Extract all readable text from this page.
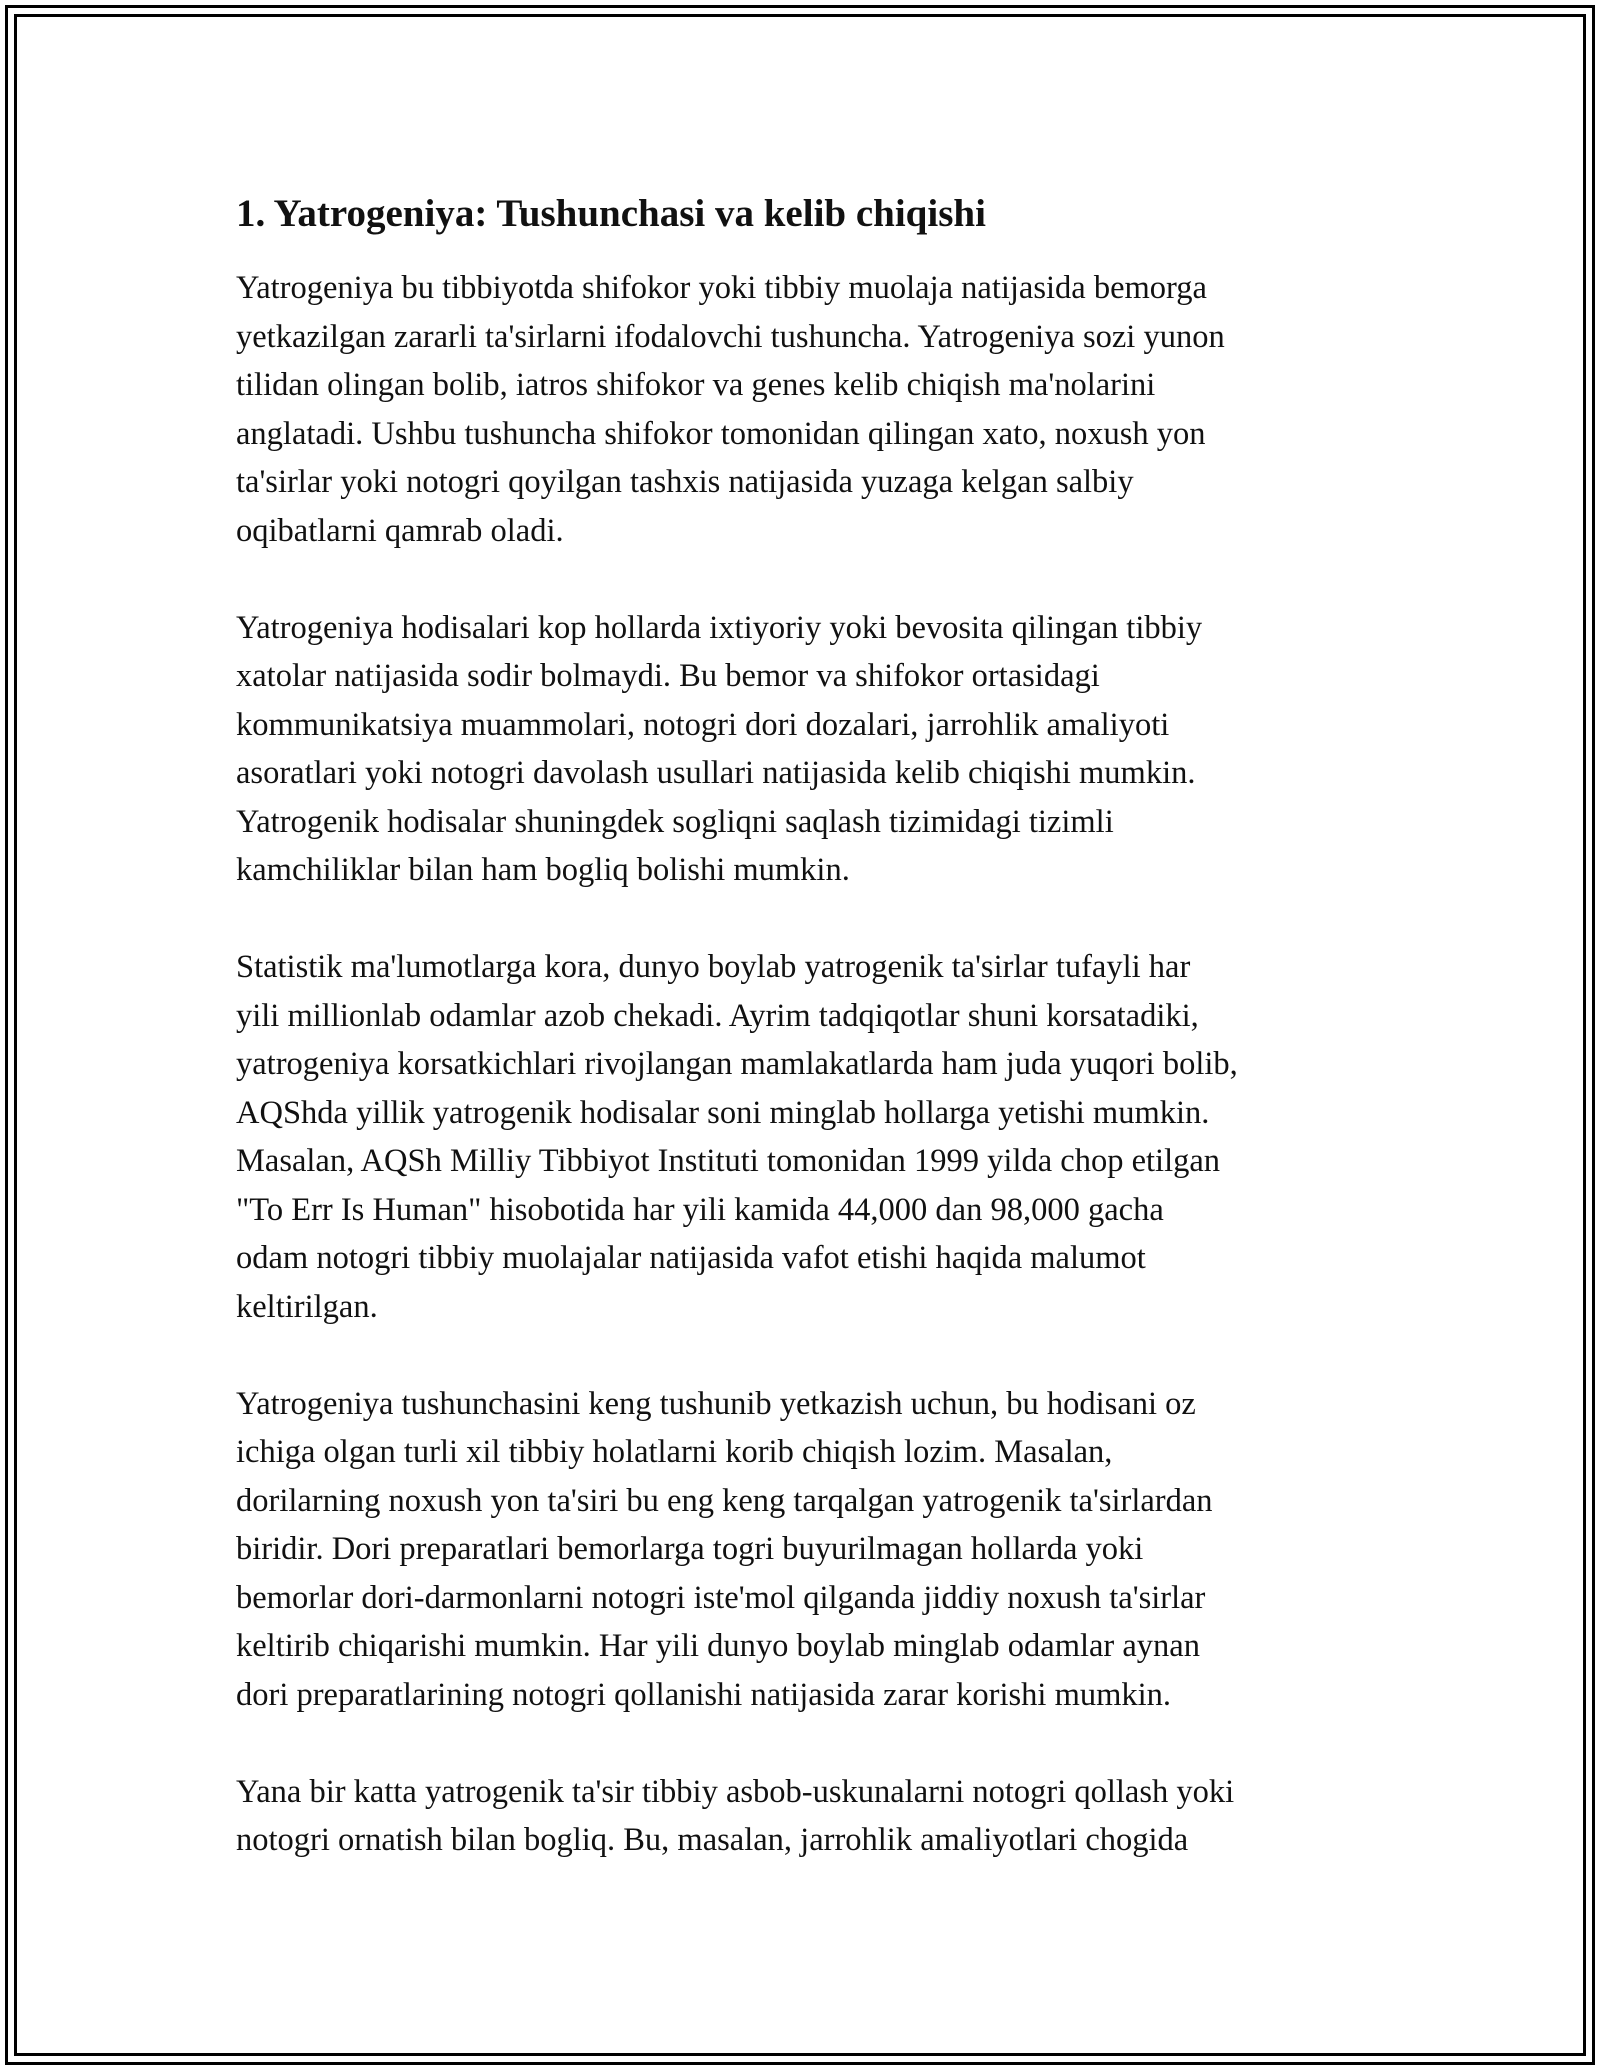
1. Yatrogeniya: Tushunchasi va kelib chiqishi

Yatrogeniya bu tibbiyotda shifokor yoki tibbiy muolaja natijasida bemorga
yetkazilgan zararli ta'sirlarni ifodalovchi tushuncha. Yatrogeniya sozi yunon
tilidan olingan bolib, iatros shifokor va genes kelib chiqish ma'nolarini
anglatadi. Ushbu tushuncha shifokor tomonidan qilingan xato, noxush yon
ta'sirlar yoki notogri qoyilgan tashxis natijasida yuzaga kelgan salbiy
oqibatlarni qamrab oladi.

Yatrogeniya hodisalari kop hollarda ixtiyoriy yoki bevosita qilingan tibbiy
xatolar natijasida sodir bolmaydi. Bu bemor va shifokor ortasidagi
kommunikatsiya muammolari, notogri dori dozalari, jarrohlik amaliyoti
asoratlari yoki notogri davolash usullari natijasida kelib chiqishi mumkin.
Yatrogenik hodisalar shuningdek sogliqni saqlash tizimidagi tizimli
kamchiliklar bilan ham bogliq bolishi mumkin.

Statistik ma'lumotlarga kora, dunyo boylab yatrogenik ta'sirlar tufayli har
yili millionlab odamlar azob chekadi. Ayrim tadqiqotlar shuni korsatadiki,
yatrogeniya korsatkichlari rivojlangan mamlakatlarda ham juda yuqori bolib,
AQShda yillik yatrogenik hodisalar soni minglab hollarga yetishi mumkin.
Masalan, AQSh Milliy Tibbiyot Instituti tomonidan 1999 yilda chop etilgan
"To Err Is Human" hisobotida har yili kamida 44,000 dan 98,000 gacha
odam notogri tibbiy muolajalar natijasida vafot etishi haqida malumot
keltirilgan.

Yatrogeniya tushunchasini keng tushunib yetkazish uchun, bu hodisani oz
ichiga olgan turli xil tibbiy holatlarni korib chiqish lozim. Masalan,
dorilarning noxush yon ta'siri bu eng keng tarqalgan yatrogenik ta'sirlardan
biridir. Dori preparatlari bemorlarga togri buyurilmagan hollarda yoki
bemorlar dori-darmonlarni notogri iste'mol qilganda jiddiy noxush ta'sirlar
keltirib chiqarishi mumkin. Har yili dunyo boylab minglab odamlar aynan
dori preparatlarining notogri qollanishi natijasida zarar korishi mumkin.

Yana bir katta yatrogenik ta'sir tibbiy asbob-uskunalarni notogri qollash yoki
notogri ornatish bilan bogliq. Bu, masalan, jarrohlik amaliyotlari chogida
